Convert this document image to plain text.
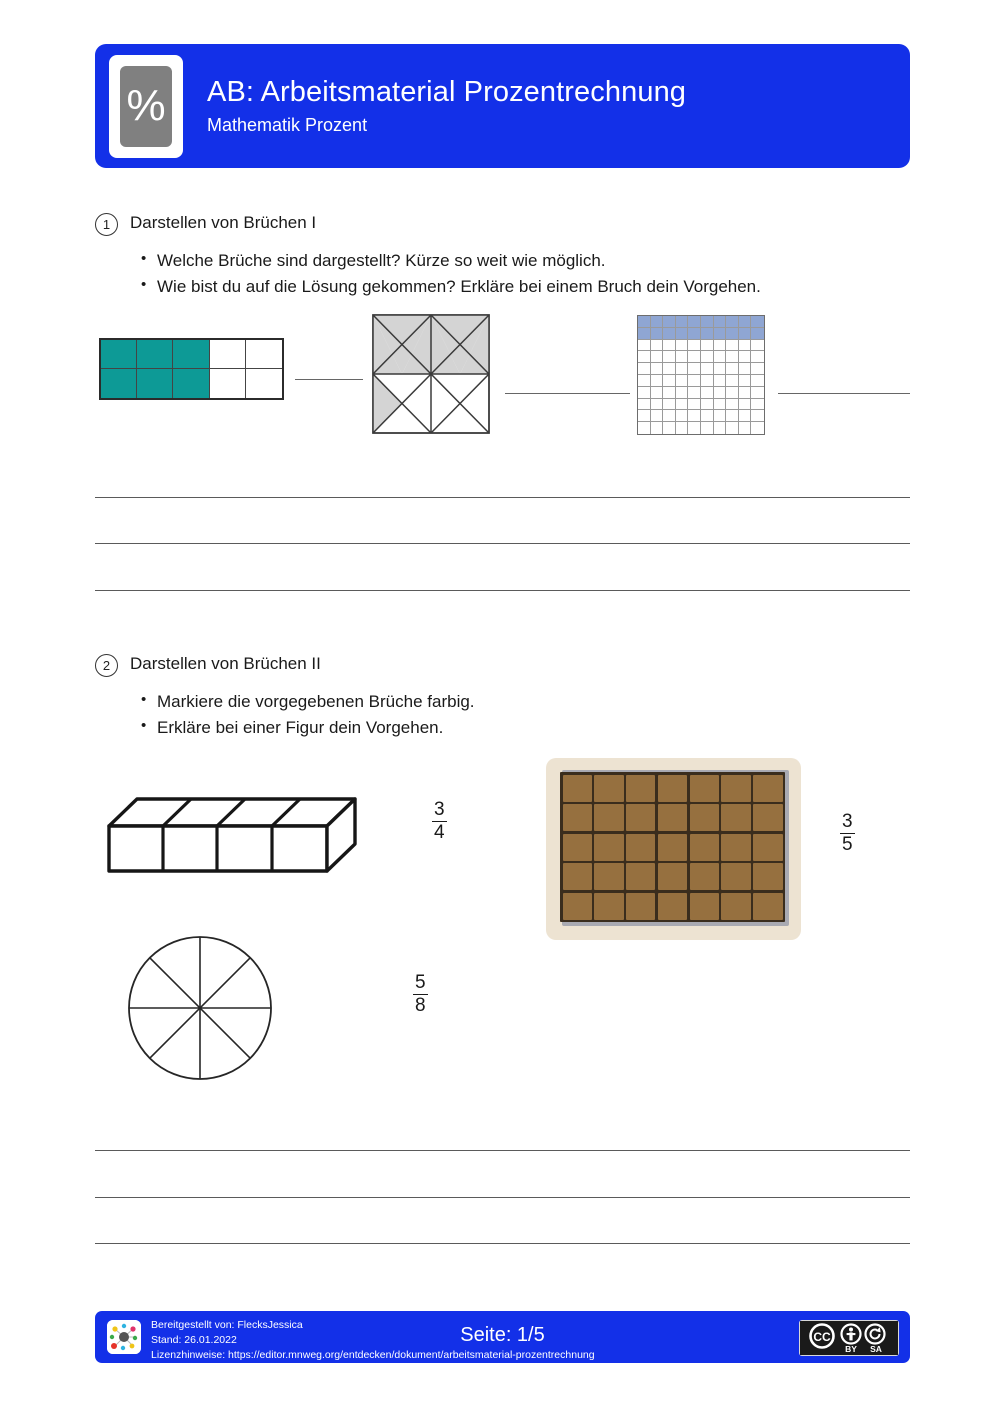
% AB: Arbeitsmaterial Prozentrechnung
Mathematik Prozent
1	Darstellen von Brüchen I
• Welche Brüche sind dargestellt? Kürze so weit wie möglich.
• Wie bist du auf die Lösung gekommen? Erkläre bei einem Bruch dein Vorgehen.
2	Darstellen von Brüchen II
• Markiere die vorgegebenen Brüche farbig.
• Erkläre bei einer Figur dein Vorgehen.
$\frac{3}{4}$	$\frac{3}{5}$
$\frac{5}{8}$
Bereitgestellt von: FlecksJessica
Stand: 26.01.2022
Lizenzhinweise: https://editor.mnweg.org/entdecken/dokument/arbeitsmaterial-prozentrechnung
Seite: 1/5	CC
BY SA
